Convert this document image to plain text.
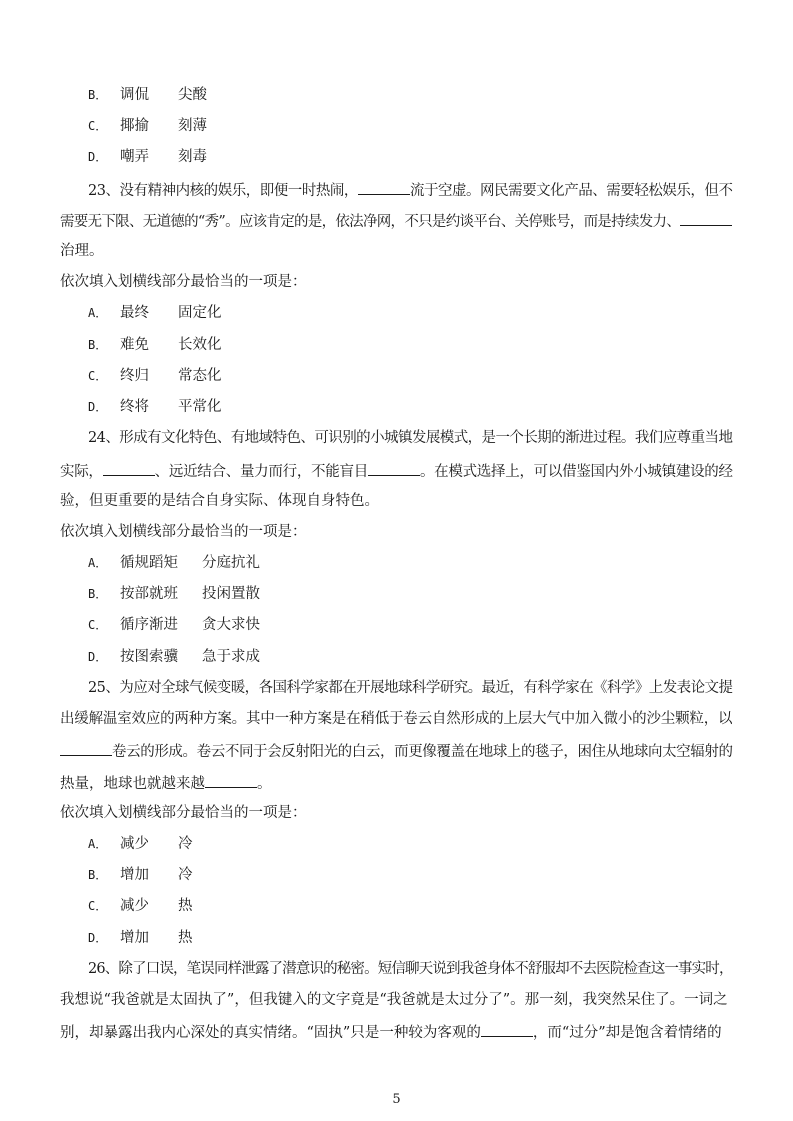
B． 调侃 尖酸
C． 揶揄 刻薄
D． 嘲弄 刻毒
23、没有精神内核的娱乐，即便一时热闹，	流于空虚。网民需要文化产品、需要轻松娱乐，但不
需要无下限、无道德的“秀”。应该肯定的是，依法净网，不只是约谈平台、关停账号，而是持续发力、
治理。
依次填入划横线部分最恰当的一项是：
A． 最终 固定化
B． 难免 长效化
C． 终归 常态化
D． 终将 平常化
24、形成有文化特色、有地域特色、可识别的小城镇发展模式，是一个长期的渐进过程。我们应尊重当地
实际，	、远近结合、量力而行，不能盲目	。在模式选择上，可以借鉴国内外小城镇建设的经
验，但更重要的是结合自身实际、体现自身特色。
依次填入划横线部分最恰当的一项是：
A． 循规蹈矩 分庭抗礼
B． 按部就班 投闲置散
C． 循序渐进 贪大求快
D． 按图索骥 急于求成
25、为应对全球气候变暖，各国科学家都在开展地球科学研究。最近，有科学家在《科学》上发表论文提
出缓解温室效应的两种方案。其中一种方案是在稍低于卷云自然形成的上层大气中加入微小的沙尘颗粒，以
卷云的形成。卷云不同于会反射阳光的白云，而更像覆盖在地球上的毯子，困住从地球向太空辐射的
热量，地球也就越来越	。
依次填入划横线部分最恰当的一项是：
A． 减少 冷
B． 增加 冷
C． 减少 热
D． 增加 热
26、除了口误，笔误同样泄露了潜意识的秘密。短信聊天说到我爸身体不舒服却不去医院检查这一事实时，
我想说“我爸就是太固执了”，但我键入的文字竟是“我爸就是太过分了”。那一刻，我突然呆住了。一词之
别，却暴露出我内心深处的真实情绪。“固执”只是一种较为客观的	，而“过分”却是饱含着情绪的
5
